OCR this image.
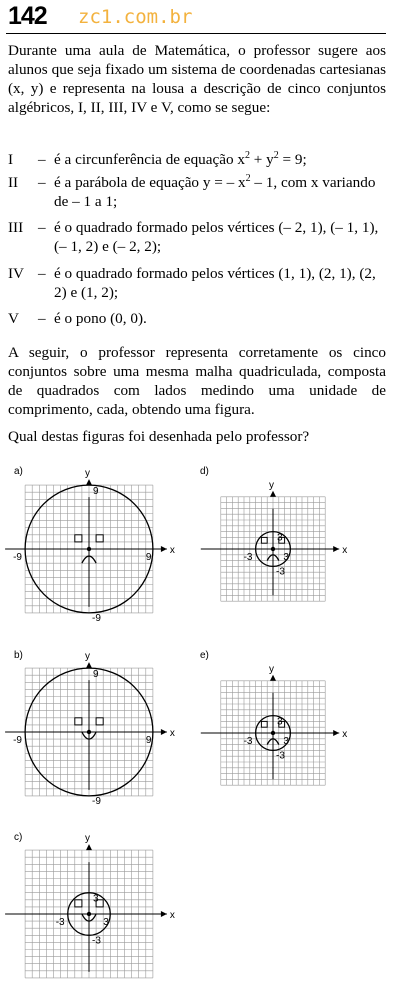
142 zc1.com.br
Durante uma aula de Matemática, o professor sugere aos alunos que seja fixado um sistema de coordenadas cartesianas (x, y) e representa na lousa a descrição de cinco conjuntos algébricos, I, II, III, IV e V, como se segue:
I – é a circunferência de equação $x^2 + y^2 = 9$;
II – é a parábola de equação y = – $x^2 - 1$, com x variando de – 1 a 1;
III – é o quadrado formado pelos vértices (– 2, 1), (– 1, 1), (– 1, 2) e (– 2, 2);
IV – é o quadrado formado pelos vértices (1, 1), (2, 1), (2, 2) e (1, 2);
V – é o pono (0, 0).
A seguir, o professor representa corretamente os cinco conjuntos sobre uma mesma malha quadriculada, composta de quadrados com lados medindo uma unidade de comprimento, cada, obtendo uma figura.
Qual destas figuras foi desenhada pelo professor?
x
y
a)
9
9
-9
-9
x
y
b)
9
9
-9
-9
x
y
c)
3
3
-3
-3
x
y
d)
3
3
-3
-3
x
y
e)
3
3
-3
-3
